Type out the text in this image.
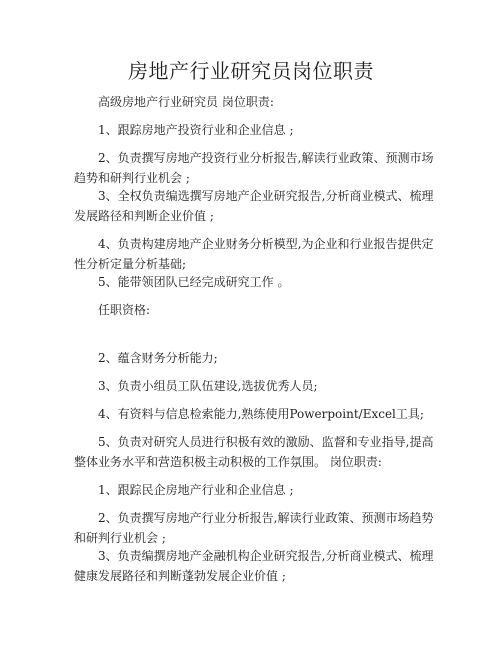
房地产行业研究员岗位职责

高级房地产行业研究员 岗位职责:

1、跟踪房地产投资行业和企业信息 ;

2、负责撰写房地产投资行业分析报告,解读行业政策、预测市场趋势和研判行业机会 ;

3、全权负责编选撰写房地产企业研究报告,分析商业模式、梳理发展路径和判断企业价值 ;

4、负责构建房地产企业财务分析模型,为企业和行业报告提供定性分析定量分析基础;

5、能带领团队已经完成研究工作 。

任职资格:

2、蕴含财务分析能力;

3、负责小组员工队伍建设,选拔优秀人员;

4、有资料与信息检索能力,熟练使用Powerpoint/Excel工具;

5、负责对研究人员进行积极有效的激励、监督和专业指导,提高整体业务水平和营造积极主动积极的工作氛围。 岗位职责:

1、跟踪民企房地产行业和企业信息 ;

2、负责撰写房地产行业分析报告,解读行业政策、预测市场趋势和研判行业机会 ;

3、负责编撰房地产金融机构企业研究报告,分析商业模式、梳理健康发展路径和判断蓬勃发展企业价值 ;
